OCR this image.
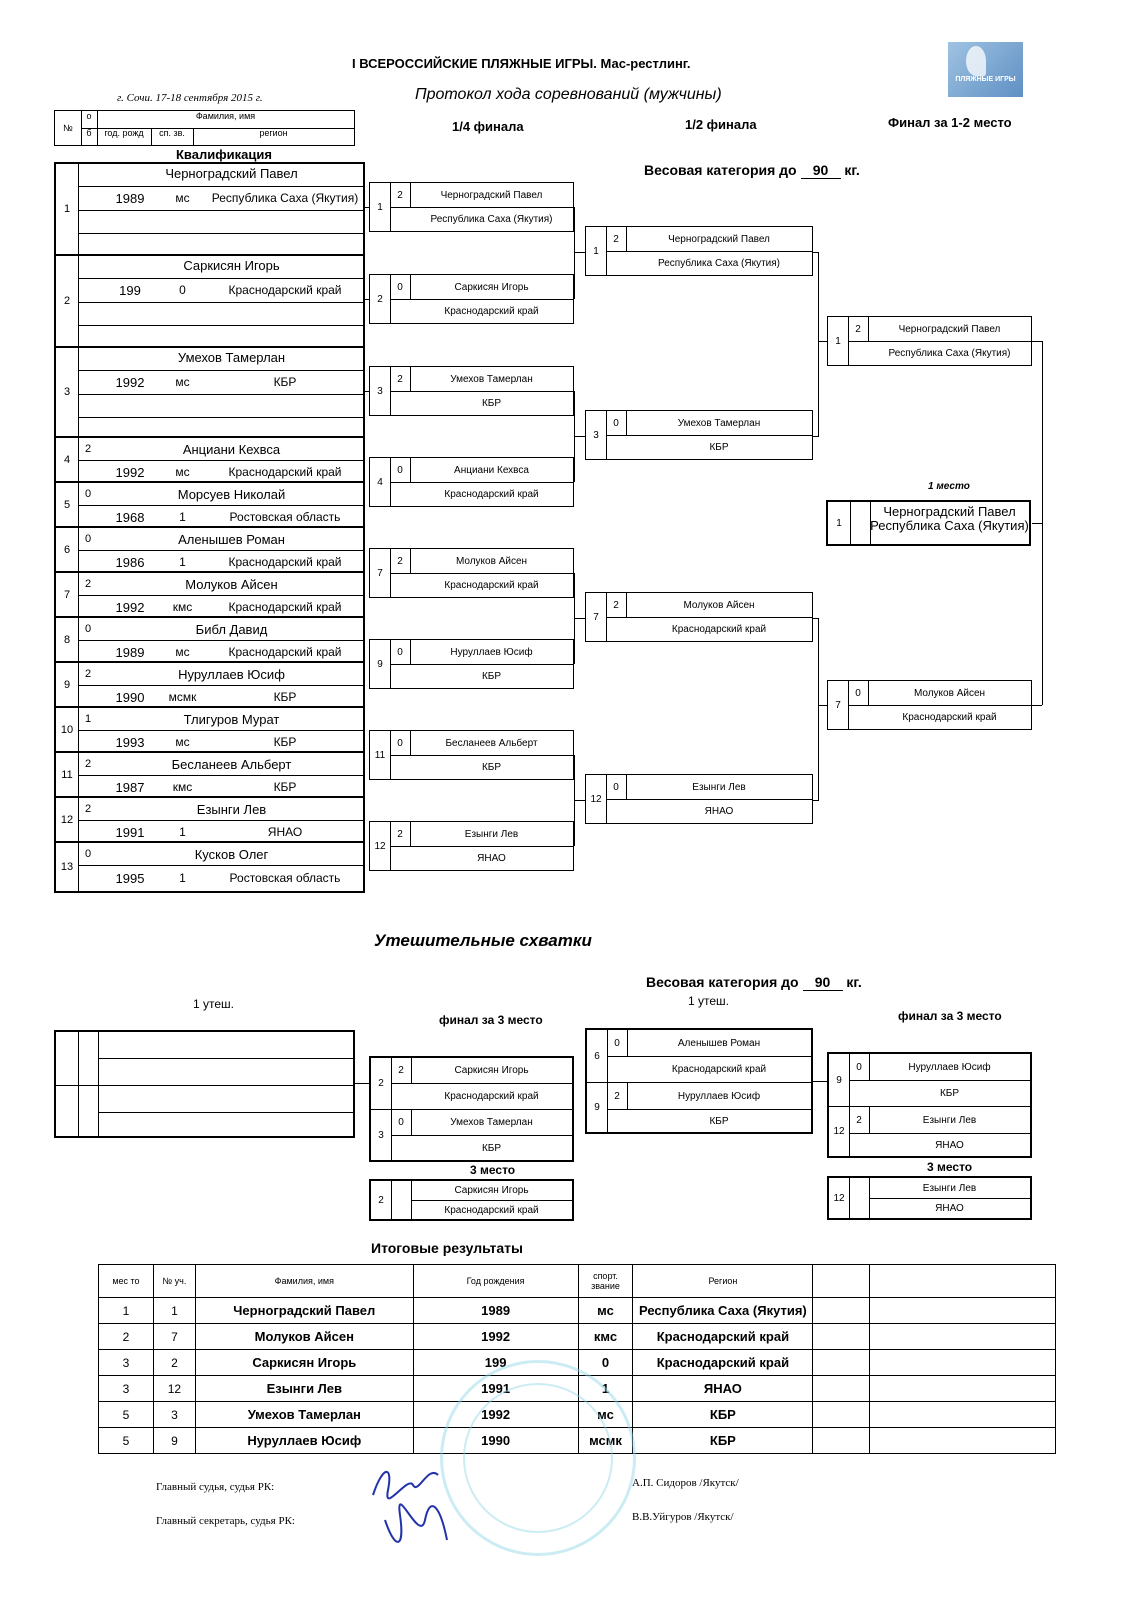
I ВСЕРОССИЙСКИЕ ПЛЯЖНЫЕ ИГРЫ. Мас-рестлинг.
г. Сочи. 17-18 сентября 2015 г.	Протокол хода соревнований (мужчины)
ПЛЯЖНЫЕ ИГРЫ
1/4 финала	1/2 финала	Финал за 1-2 место
Весовая категория до 90 кг.
№
о
б
Фамилия, имя
год. рожд	сп. зв.	регион
Квалификация
1
Черноградский Павел
1989	мс	Республика Саха (Якутия)
2
Саркисян Игорь
199	0	Краснодарский край
3
Умехов Тамерлан
1992	мс	КБР
4
2	Анциани Кехвса
1992	мс	Краснодарский край
5
0	Морсуев Николай
1968	1	Ростовская область
6
0	Аленышев Роман
1986	1	Краснодарский край
7
2	Молуков Айсен
1992	кмс	Краснодарский край
8
0	Библ Давид
1989	мс	Краснодарский край
9
2	Нуруллаев Юсиф
1990	мсмк	КБР
10
1	Тлигуров Мурат
1993	мс	КБР
11
2	Бесланеев Альберт
1987	кмс	КБР
12
2	Езынги Лев
1991	1	ЯНАО
13
0	Кусков Олег
1995	1	Ростовская область
1
2	Черноградский Павел
Республика Саха (Якутия)
2
0	Саркисян Игорь
Краснодарский край
3
2	Умехов Тамерлан
КБР
4
0	Анциани Кехвса
Краснодарский край
7
2	Молуков Айсен
Краснодарский край
9
0	Нуруллаев Юсиф
КБР
11
0	Бесланеев Альберт
КБР
12
2	Езынги Лев
ЯНАО
1
2	Черноградский Павел
Республика Саха (Якутия)
3
0	Умехов Тамерлан
КБР
7
2	Молуков Айсен
Краснодарский край
12
0	Езынги Лев
ЯНАО
1
2	Черноградский Павел
Республика Саха (Якутия)
7
0	Молуков Айсен
Краснодарский край
1 место
1
Черноградский Павел
Республика Саха (Якутия)
Утешительные схватки
Весовая категория до 90 кг.
1 утеш.	1 утеш.
финал за 3 место	финал за 3 место
2
2	Саркисян Игорь
Краснодарский край
3
0	Умехов Тамерлан
КБР
3 место
2
Саркисян Игорь
Краснодарский край
6
0	Аленышев Роман
Краснодарский край
9
2	Нуруллаев Юсиф
КБР
9
0	Нуруллаев Юсиф
КБР
12
2	Езынги Лев
ЯНАО
3 место
12
Езынги Лев
ЯНАО
Итоговые результаты
мес то	№ уч.	Фамилия, имя	Год рождения	спорт. звание	Регион		
1	1	Черноградский Павел	1989	мс	Республика Саха (Якутия)		
2	7	Молуков Айсен	1992	кмс	Краснодарский край		
3	2	Саркисян Игорь	199	0	Краснодарский край		
3	12	Езынги Лев	1991	1	ЯНАО		
5	3	Умехов Тамерлан	1992	мс	КБР		
5	9	Нуруллаев Юсиф	1990	мсмк	КБР		
Главный судья, судья РК:	А.П. Сидоров /Якутск/
Главный секретарь, судья РК:	В.В.Уйгуров /Якутск/
